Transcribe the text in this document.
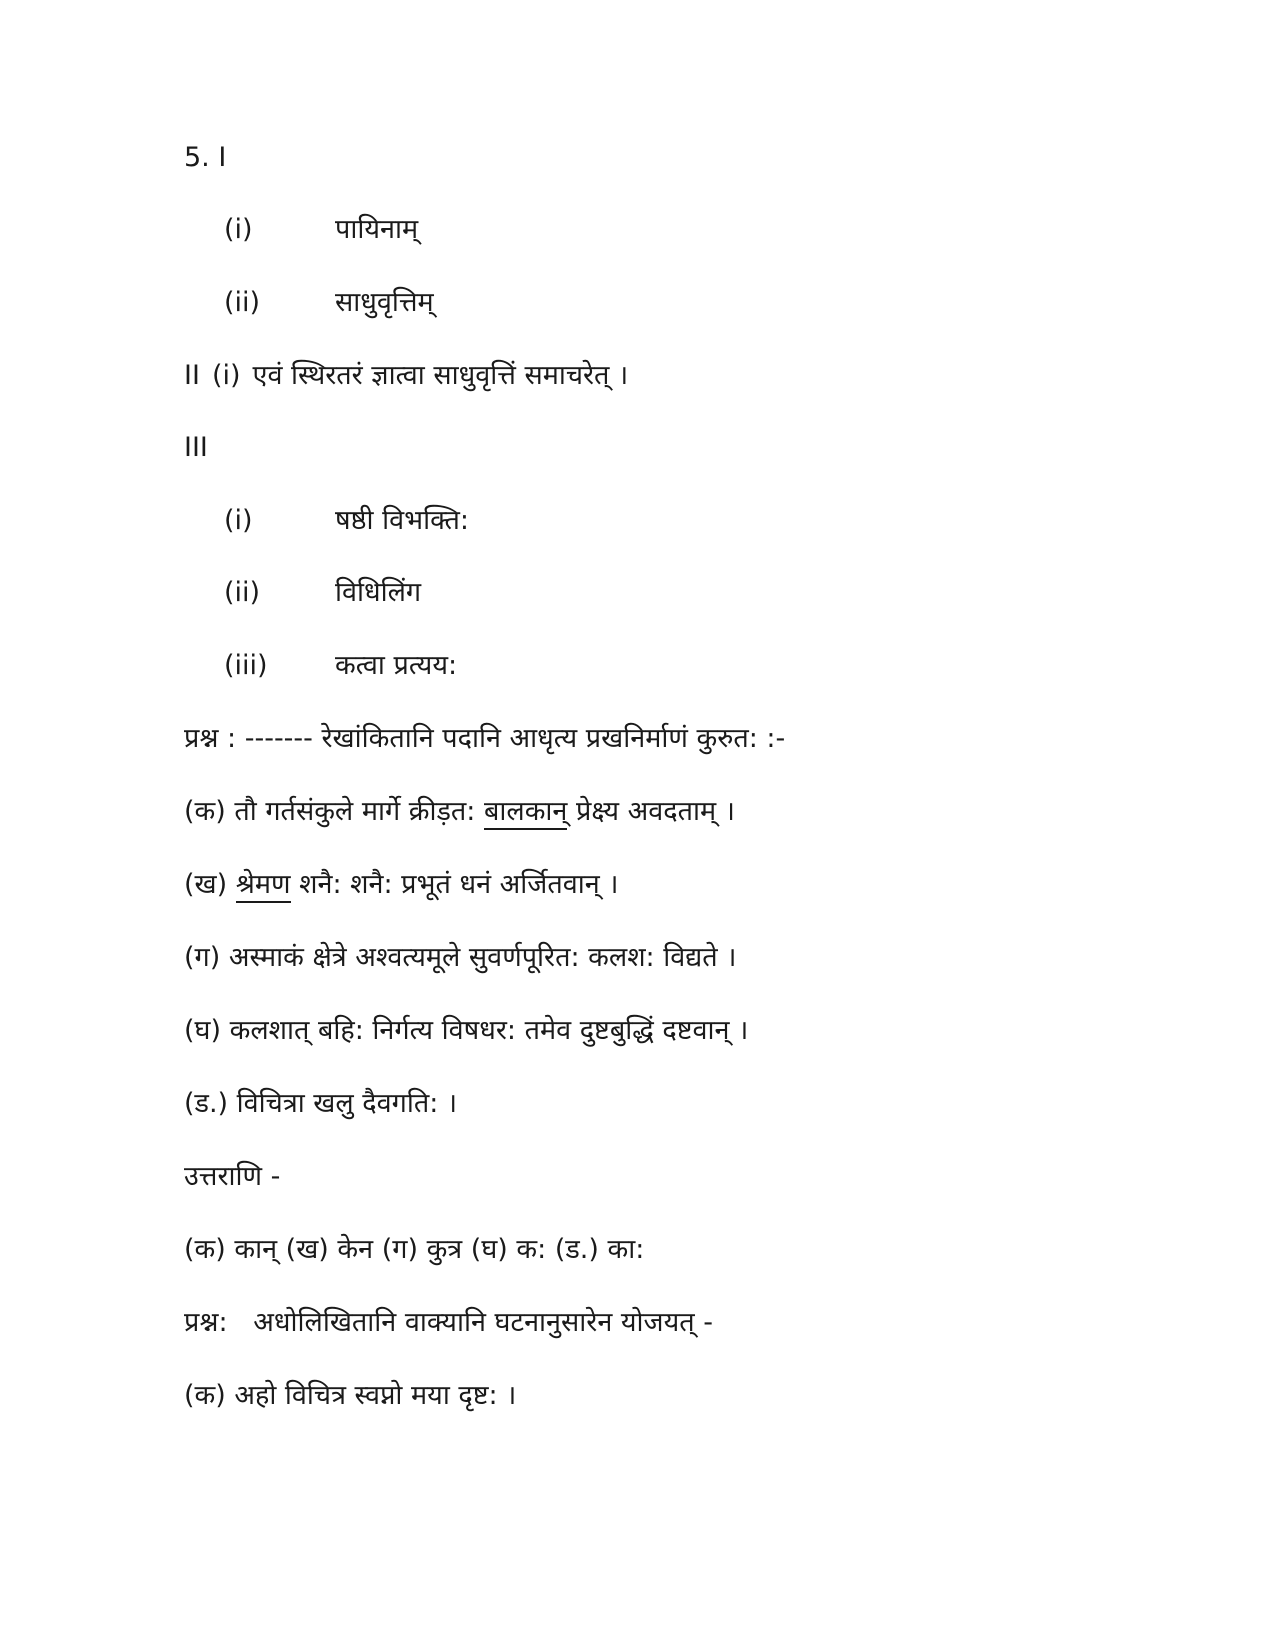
5. I
(i)	पायिनाम्
(ii)	साधुवृत्तिम्
II (i) एवं स्थिरतरं ज्ञात्वा साधुवृत्तिं समाचरेत् ।
III
(i)	षष्ठी विभक्ति:
(ii)	विधिलिंग
(iii) कत्वा प्रत्यय:
प्रश्न : ------- रेखांकितानि पदानि आधृत्य प्रखनिर्माणं कुरुत: :-
(क) तौ गर्तसंकुले मार्गे क्रीड़त: बालकान् प्रेक्ष्य अवदताम् ।
(ख) श्रेमण शनै: शनै: प्रभूतं धनं अर्जितवान् ।
(ग) अस्माकं क्षेत्रे अश्वत्यमूले सुवर्णपूरित: कलश: विद्यते ।
(घ) कलशात् बहि: निर्गत्य विषधर: तमेव दुष्टबुद्धिं दष्टवान् ।
(ड.) विचित्रा खलु दैवगति: ।
उत्तराणि -
(क) कान् (ख) केन (ग) कुत्र (घ) क: (ड.) का:
प्रश्न:   अधोलिखितानि वाक्यानि घटनानुसारेन योजयत् -
(क) अहो विचित्र स्वप्नो मया दृष्ट: ।
